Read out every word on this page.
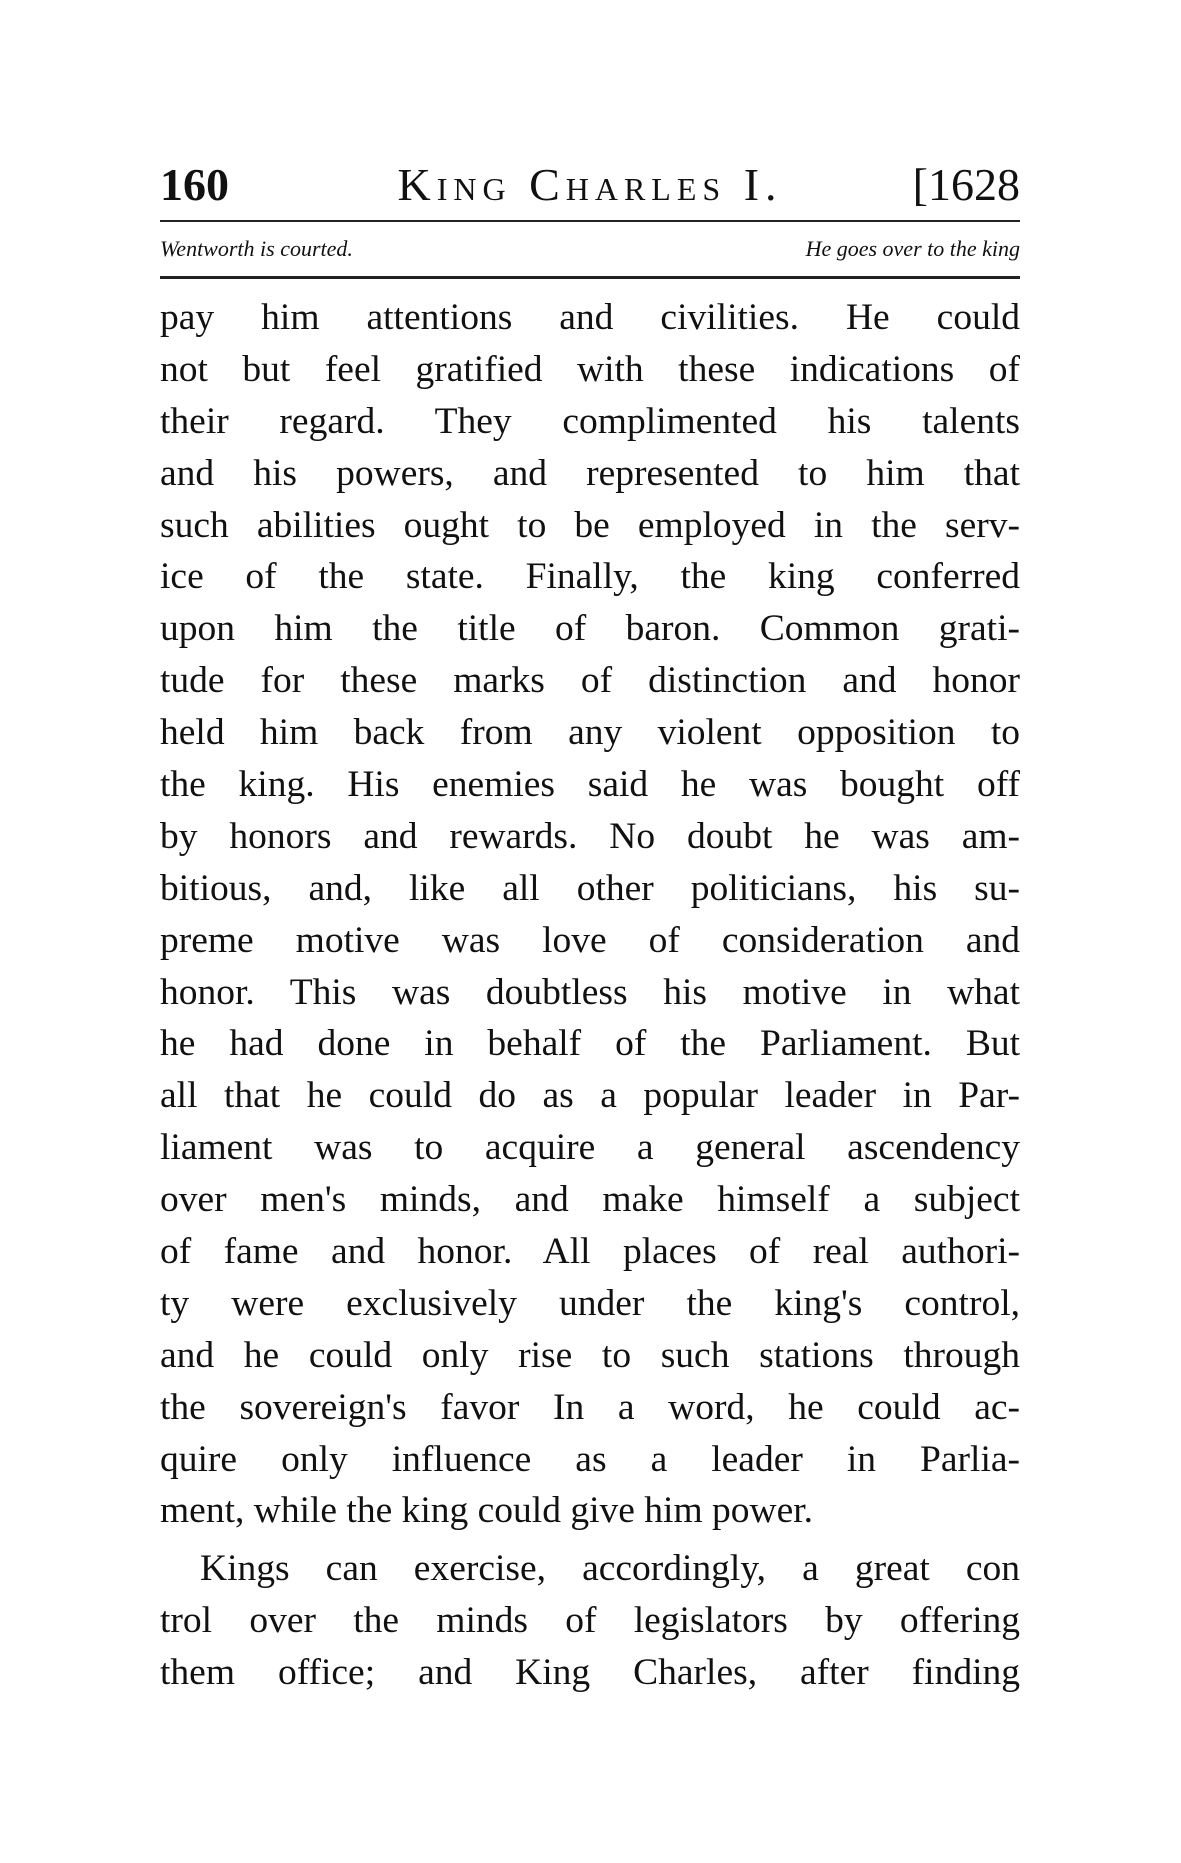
160	King Charles I.	[1628
Wentworth is courted.	He goes over to the king
pay him attentions and civilities. He could
not but feel gratified with these indications of
their regard. They complimented his talents
and his powers, and represented to him that
such abilities ought to be employed in the serv-
ice of the state. Finally, the king conferred
upon him the title of baron. Common grati-
tude for these marks of distinction and honor
held him back from any violent opposition to
the king. His enemies said he was bought off
by honors and rewards. No doubt he was am-
bitious, and, like all other politicians, his su-
preme motive was love of consideration and
honor. This was doubtless his motive in what
he had done in behalf of the Parliament. But
all that he could do as a popular leader in Par-
liament was to acquire a general ascendency
over men's minds, and make himself a subject
of fame and honor. All places of real authori-
ty were exclusively under the king's control,
and he could only rise to such stations through
the sovereign's favor In a word, he could ac-
quire only influence as a leader in Parlia-
ment, while the king could give him power.
Kings can exercise, accordingly, a great con
trol over the minds of legislators by offering
them office; and King Charles, after finding
